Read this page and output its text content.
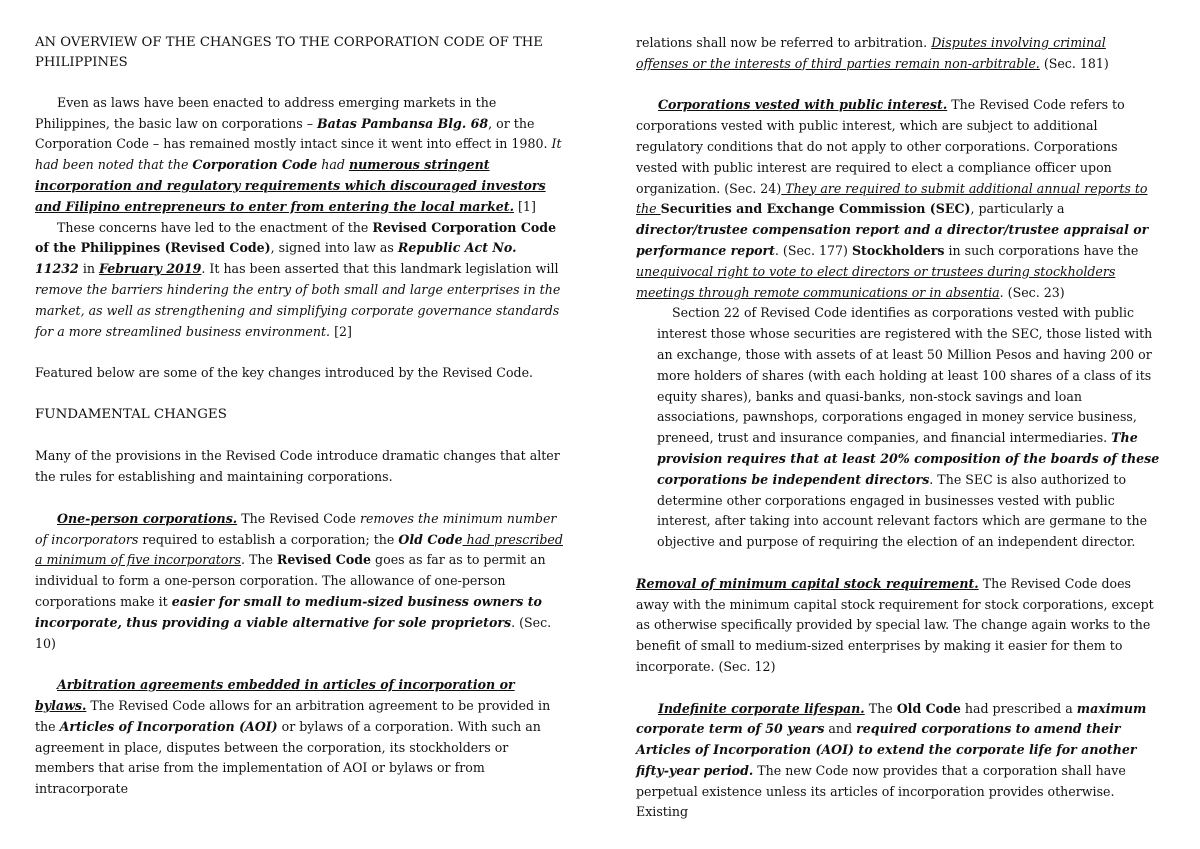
AN OVERVIEW OF THE CHANGES TO THE CORPORATION CODE OF THE PHILIPPINES

Even as laws have been enacted to address emerging markets in the Philippines, the basic law on corporations – Batas Pambansa Blg. 68, or the Corporation Code – has remained mostly intact since it went into effect in 1980. It had been noted that the Corporation Code had numerous stringent incorporation and regulatory requirements which discouraged investors and Filipino entrepreneurs to enter from entering the local market. [1]

These concerns have led to the enactment of the Revised Corporation Code of the Philippines (Revised Code), signed into law as Republic Act No. 11232 in February 2019. It has been asserted that this landmark legislation will remove the barriers hindering the entry of both small and large enterprises in the market, as well as strengthening and simplifying corporate governance standards for a more streamlined business environment. [2]

Featured below are some of the key changes introduced by the Revised Code.

FUNDAMENTAL CHANGES

Many of the provisions in the Revised Code introduce dramatic changes that alter the rules for establishing and maintaining corporations.

One-person corporations. The Revised Code removes the minimum number of incorporators required to establish a corporation; the Old Code had prescribed a minimum of five incorporators. The Revised Code goes as far as to permit an individual to form a one-person corporation. The allowance of one-person corporations make it easier for small to medium-sized business owners to incorporate, thus providing a viable alternative for sole proprietors. (Sec. 10)

Arbitration agreements embedded in articles of incorporation or bylaws. The Revised Code allows for an arbitration agreement to be provided in the Articles of Incorporation (AOI) or bylaws of a corporation. With such an agreement in place, disputes between the corporation, its stockholders or members that arise from the implementation of AOI or bylaws or from intracorporate

relations shall now be referred to arbitration. Disputes involving criminal offenses or the interests of third parties remain non-arbitrable. (Sec. 181)

Corporations vested with public interest. The Revised Code refers to corporations vested with public interest, which are subject to additional regulatory conditions that do not apply to other corporations. Corporations vested with public interest are required to elect a compliance officer upon organization. (Sec. 24) They are required to submit additional annual reports to the Securities and Exchange Commission (SEC), particularly a director/trustee compensation report and a director/trustee appraisal or performance report. (Sec. 177) Stockholders in such corporations have the unequivocal right to vote to elect directors or trustees during stockholders meetings through remote communications or in absentia. (Sec. 23)

Section 22 of Revised Code identifies as corporations vested with public interest those whose securities are registered with the SEC, those listed with an exchange, those with assets of at least 50 Million Pesos and having 200 or more holders of shares (with each holding at least 100 shares of a class of its equity shares), banks and quasi-banks, non-stock savings and loan associations, pawnshops, corporations engaged in money service business, preneed, trust and insurance companies, and financial intermediaries. The provision requires that at least 20% composition of the boards of these corporations be independent directors. The SEC is also authorized to determine other corporations engaged in businesses vested with public interest, after taking into account relevant factors which are germane to the objective and purpose of requiring the election of an independent director.

Removal of minimum capital stock requirement. The Revised Code does away with the minimum capital stock requirement for stock corporations, except as otherwise specifically provided by special law. The change again works to the benefit of small to medium-sized enterprises by making it easier for them to incorporate. (Sec. 12)

Indefinite corporate lifespan. The Old Code had prescribed a maximum corporate term of 50 years and required corporations to amend their Articles of Incorporation (AOI) to extend the corporate life for another fifty-year period. The new Code now provides that a corporation shall have perpetual existence unless its articles of incorporation provides otherwise. Existing
